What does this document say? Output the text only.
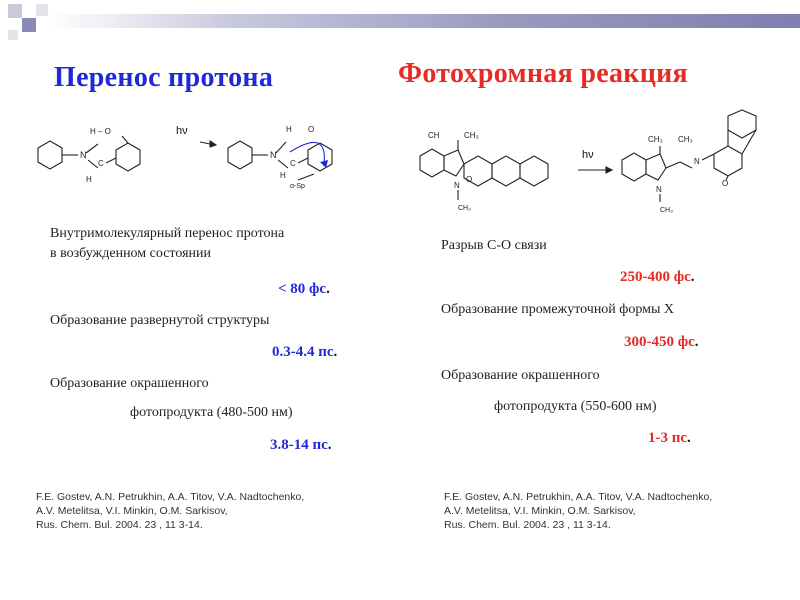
Перенос протона	Фотохромная реакция
N
H – O
C
H
hν
N
H O
C
H
α-Sp
CH	CH₃
N
CH₃
O
hν
CH₃ CH₃
N
CH₃
N
O
Внутримолекулярный перенос протона
в возбужденном состоянии
< 80 фс.
Образование развернутой структуры
0.3-4.4 пс.
Образование окрашенного
фотопродукта (480-500 нм)
3.8-14 пс.
Разрыв С-О связи
250-400 фс.
Образование промежуточной формы Х
300-450 фс.
Образование окрашенного
фотопродукта (550-600 нм)
1-3 пс.
F.E. Gostev, A.N. Petrukhin, A.A. Titov, V.A. Nadtochenko,
A.V. Metelitsa, V.I. Minkin, O.M. Sarkisov,
Rus. Chem. Bul. 2004. 23 , 11 3-14.
F.E. Gostev, A.N. Petrukhin, A.A. Titov, V.A. Nadtochenko,
A.V. Metelitsa, V.I. Minkin, O.M. Sarkisov,
Rus. Chem. Bul. 2004. 23 , 11 3-14.
